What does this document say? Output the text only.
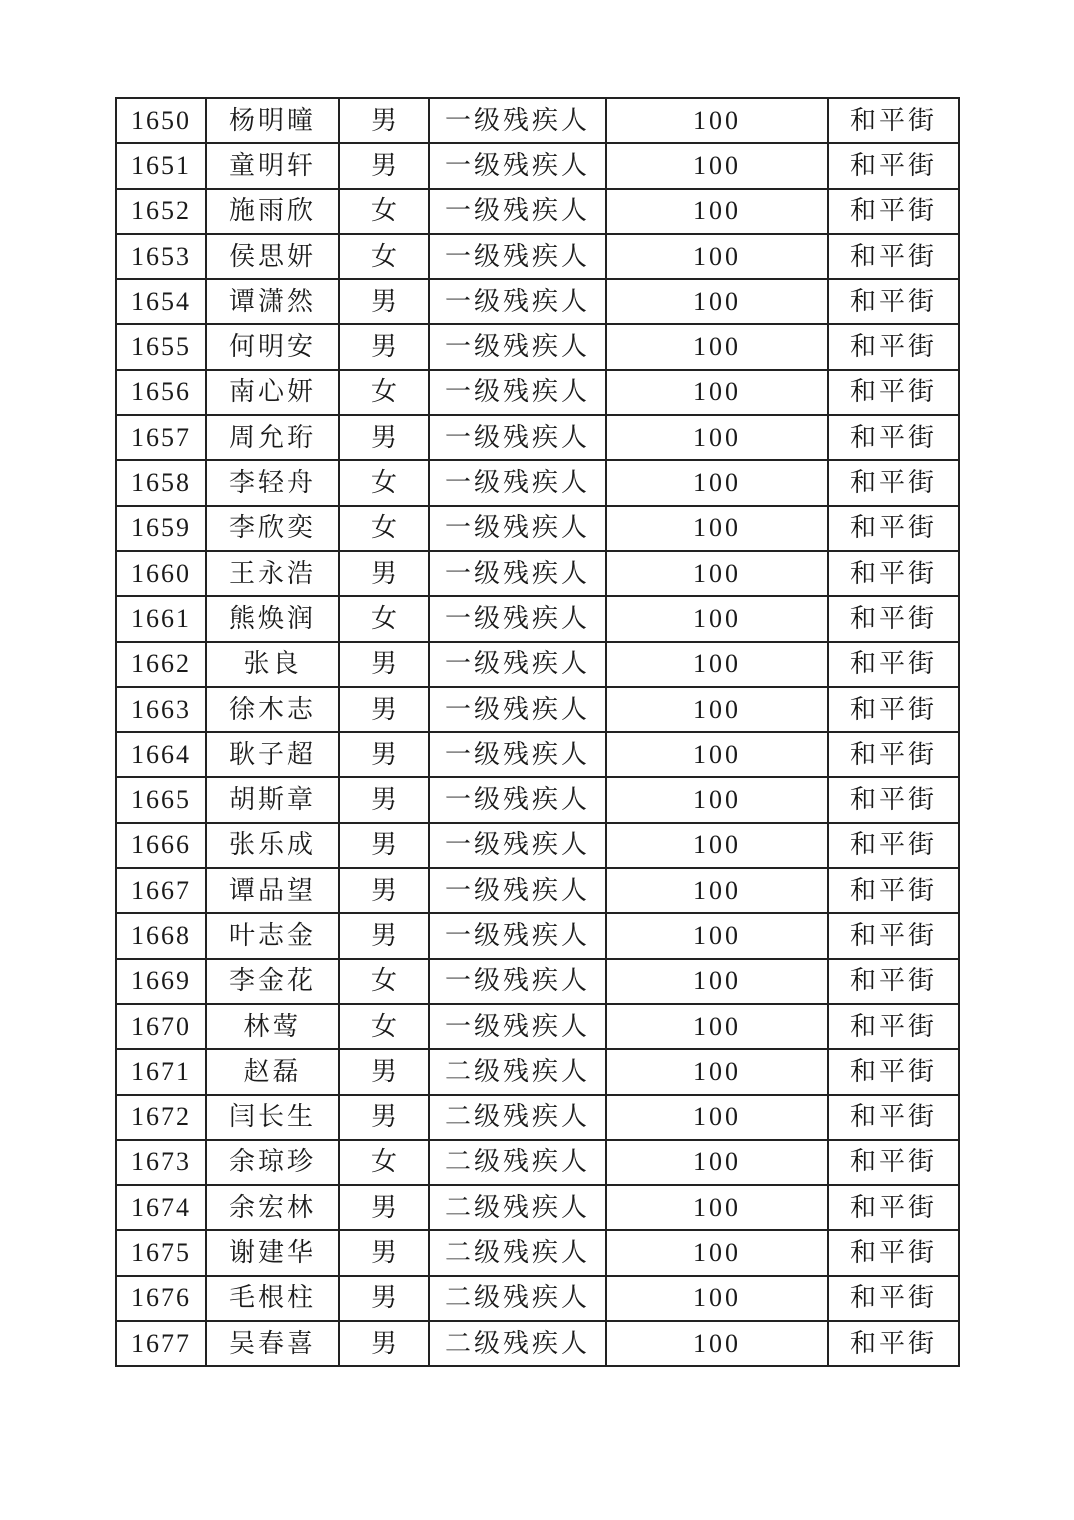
1650	杨明曈	男	一级残疾人	100	和平街
1651	童明轩	男	一级残疾人	100	和平街
1652	施雨欣	女	一级残疾人	100	和平街
1653	侯思妍	女	一级残疾人	100	和平街
1654	谭潇然	男	一级残疾人	100	和平街
1655	何明安	男	一级残疾人	100	和平街
1656	南心妍	女	一级残疾人	100	和平街
1657	周允珩	男	一级残疾人	100	和平街
1658	李轻舟	女	一级残疾人	100	和平街
1659	李欣奕	女	一级残疾人	100	和平街
1660	王永浩	男	一级残疾人	100	和平街
1661	熊焕润	女	一级残疾人	100	和平街
1662	张良	男	一级残疾人	100	和平街
1663	徐木志	男	一级残疾人	100	和平街
1664	耿子超	男	一级残疾人	100	和平街
1665	胡斯章	男	一级残疾人	100	和平街
1666	张乐成	男	一级残疾人	100	和平街
1667	谭品望	男	一级残疾人	100	和平街
1668	叶志金	男	一级残疾人	100	和平街
1669	李金花	女	一级残疾人	100	和平街
1670	林莺	女	一级残疾人	100	和平街
1671	赵磊	男	二级残疾人	100	和平街
1672	闫长生	男	二级残疾人	100	和平街
1673	余琼珍	女	二级残疾人	100	和平街
1674	余宏林	男	二级残疾人	100	和平街
1675	谢建华	男	二级残疾人	100	和平街
1676	毛根柱	男	二级残疾人	100	和平街
1677	吴春喜	男	二级残疾人	100	和平街
